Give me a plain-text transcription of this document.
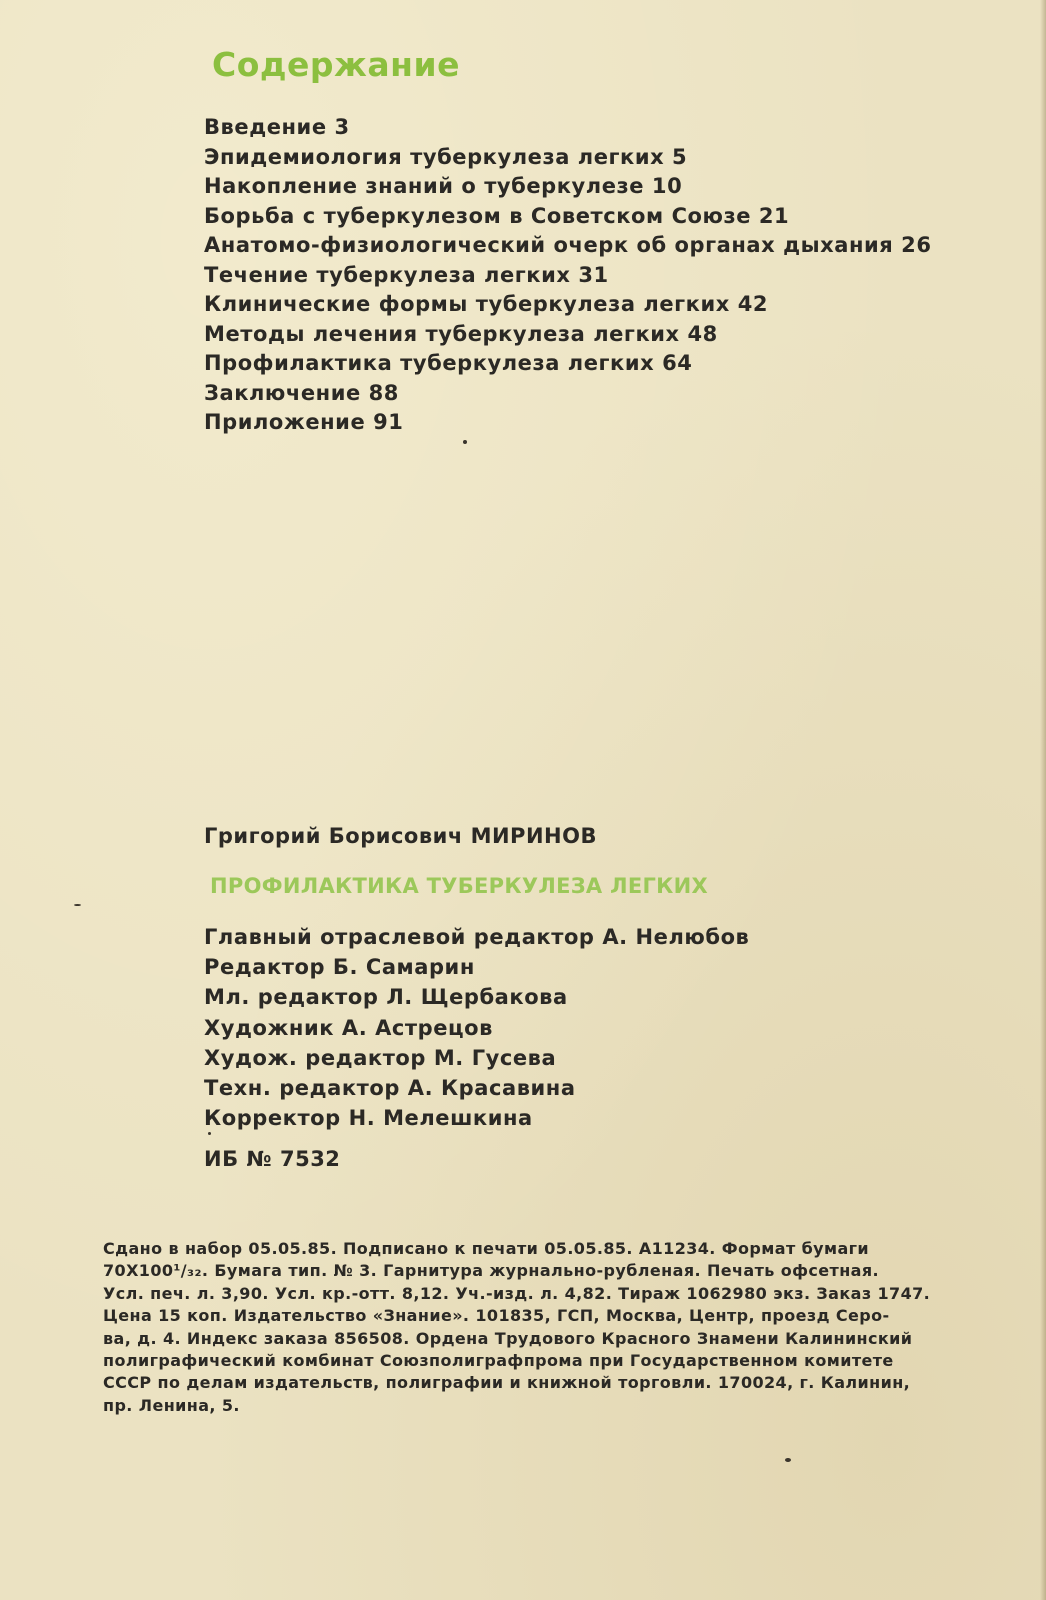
Содержание
Введение 3
Эпидемиология туберкулеза легких 5
Накопление знаний о туберкулезе 10
Борьба с туберкулезом в Советском Союзе 21
Анатомо-физиологический очерк об органах дыхания 26
Течение туберкулеза легких 31
Клинические формы туберкулеза легких 42
Методы лечения туберкулеза легких 48
Профилактика туберкулеза легких 64
Заключение 88
Приложение 91
Григорий Борисович МИРИНОВ
ПРОФИЛАКТИКА ТУБЕРКУЛЕЗА ЛЕГКИХ
Главный отраслевой редактор А. Нелюбов
Редактор Б. Самарин
Мл. редактор Л. Щербакова
Художник А. Астрецов
Худож. редактор М. Гусева
Техн. редактор А. Красавина
Корректор Н. Мелешкина
ИБ № 7532
Сдано в набор 05.05.85. Подписано к печати 05.05.85. А11234. Формат бумаги
70X100¹/₃₂. Бумага тип. № 3. Гарнитура журнально-рубленая. Печать офсетная.
Усл. печ. л. 3,90. Усл. кр.-отт. 8,12. Уч.-изд. л. 4,82. Тираж 1062980 экз. Заказ 1747.
Цена 15 коп. Издательство «Знание». 101835, ГСП, Москва, Центр, проезд Серо-
ва, д. 4. Индекс заказа 856508. Ордена Трудового Красного Знамени Калининский
полиграфический комбинат Союзполиграфпрома при Государственном комитете
СССР по делам издательств, полиграфии и книжной торговли. 170024, г. Калинин,
пр. Ленина, 5.
